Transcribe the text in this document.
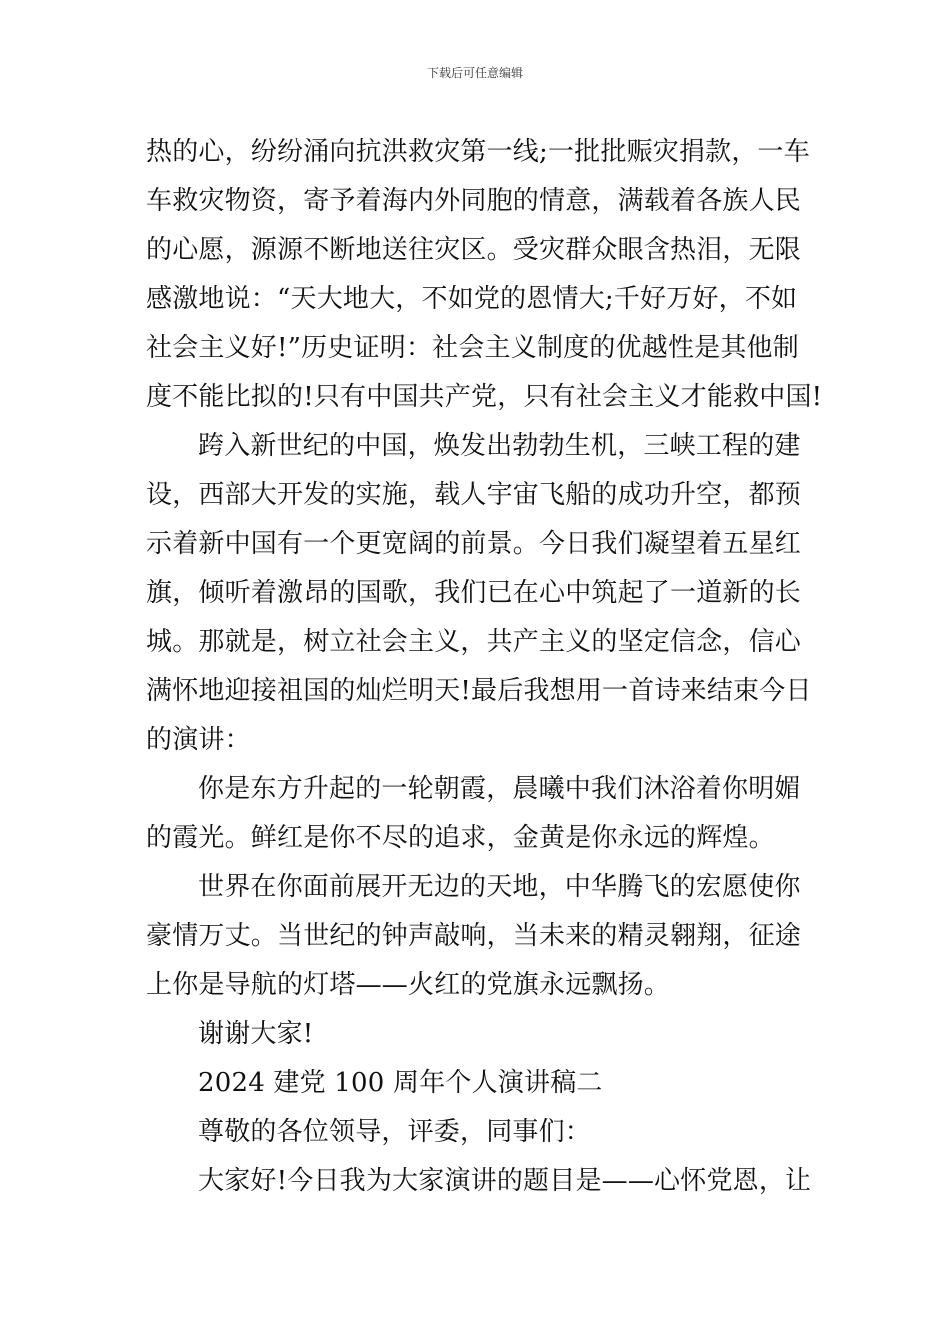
下载后可任意编辑
热的心，纷纷涌向抗洪救灾第一线;一批批赈灾捐款，一车
车救灾物资，寄予着海内外同胞的情意，满载着各族人民
的心愿，源源不断地送往灾区。受灾群众眼含热泪，无限
感激地说：“天大地大，不如党的恩情大;千好万好，不如
社会主义好!”历史证明：社会主义制度的优越性是其他制
度不能比拟的!只有中国共产党，只有社会主义才能救中国!
跨入新世纪的中国，焕发出勃勃生机，三峡工程的建
设，西部大开发的实施，载人宇宙飞船的成功升空，都预
示着新中国有一个更宽阔的前景。今日我们凝望着五星红
旗，倾听着激昂的国歌，我们已在心中筑起了一道新的长
城。那就是，树立社会主义，共产主义的坚定信念，信心
满怀地迎接祖国的灿烂明天!最后我想用一首诗来结束今日
的演讲：
你是东方升起的一轮朝霞，晨曦中我们沐浴着你明媚
的霞光。鲜红是你不尽的追求，金黄是你永远的辉煌。
世界在你面前展开无边的天地，中华腾飞的宏愿使你
豪情万丈。当世纪的钟声敲响，当未来的精灵翱翔，征途
上你是导航的灯塔——火红的党旗永远飘扬。
谢谢大家!
2024 建党 100 周年个人演讲稿二
尊敬的各位领导，评委，同事们：
大家好!今日我为大家演讲的题目是——心怀党恩，让
